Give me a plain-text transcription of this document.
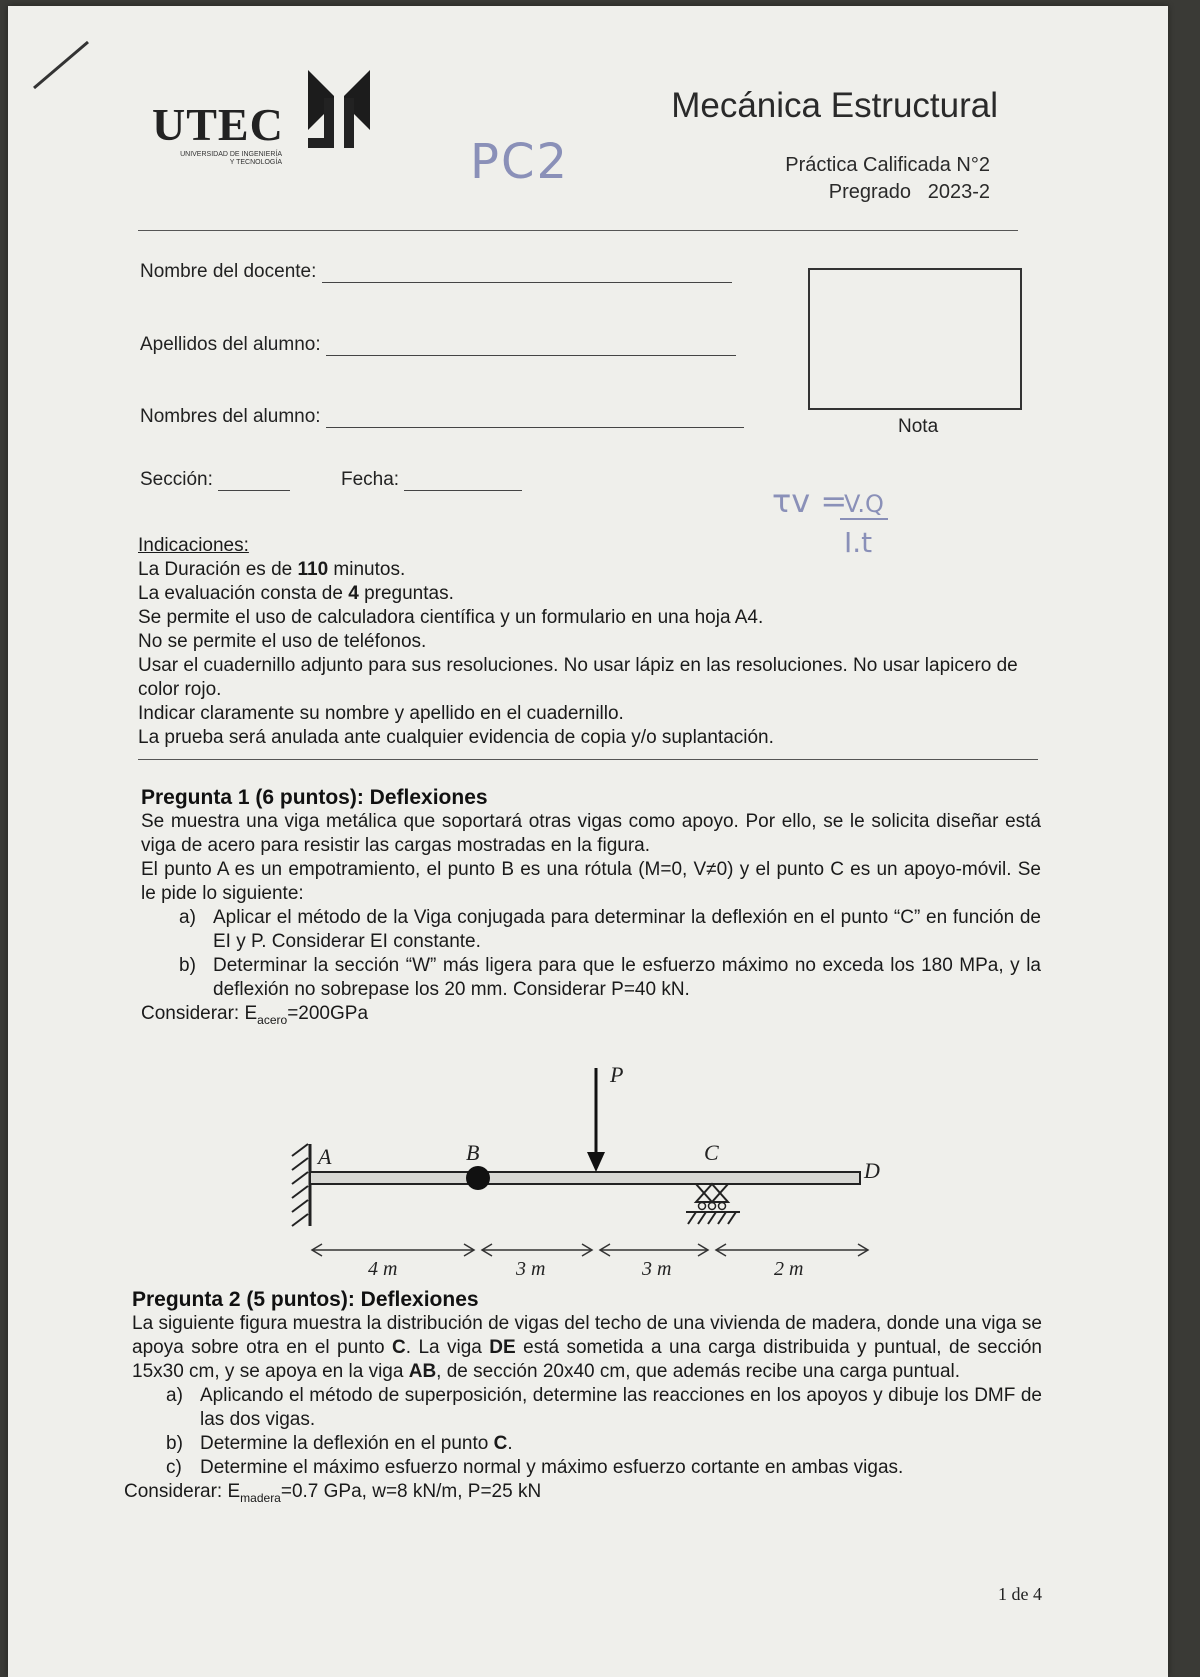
UTEC
UNIVERSIDAD DE INGENIERÍA
Y TECNOLOGÍA	PC2
Mecánica Estructural
Práctica Calificada N°2
Pregrado   2023-2
Nombre del docente:
Apellidos del alumno:
Nombres del alumno:
Sección:	Fecha:
Nota
τv =
V.Q
I.t
Indicaciones:
La Duración es de 110 minutos.
La evaluación consta de 4 preguntas.
Se permite el uso de calculadora científica y un formulario en una hoja A4.
No se permite el uso de teléfonos.
Usar el cuadernillo adjunto para sus resoluciones. No usar lápiz en las resoluciones. No usar lapicero de color rojo.
Indicar claramente su nombre y apellido en el cuadernillo.
La prueba será anulada ante cualquier evidencia de copia y/o suplantación.
Pregunta 1 (6 puntos): Deflexiones
Se muestra una viga metálica que soportará otras vigas como apoyo. Por ello, se le solicita diseñar está viga de acero para resistir las cargas mostradas en la figura.
El punto A es un empotramiento, el punto B es una rótula (M=0, V≠0) y el punto C es un apoyo-móvil. Se le pide lo siguiente:
a) Aplicar el método de la Viga conjugada para determinar la deflexión en el punto “C” en función de EI y P. Considerar EI constante.
b) Determinar la sección “W” más ligera para que le esfuerzo máximo no exceda los 180 MPa, y la deflexión no sobrepase los 20 mm. Considerar P=40 kN.
Considerar: $E_{acero}=200GPa$
P
A	B	C
D
4 m	3 m	3 m	2 m
Pregunta 2 (5 puntos): Deflexiones
La siguiente figura muestra la distribución de vigas del techo de una vivienda de madera, donde una viga se apoya sobre otra en el punto C. La viga DE está sometida a una carga distribuida y puntual, de sección 15x30 cm, y se apoya en la viga AB, de sección 20x40 cm, que además recibe una carga puntual.
a) Aplicando el método de superposición, determine las reacciones en los apoyos y dibuje los DMF de las dos vigas.
b) Determine la deflexión en el punto C.
c) Determine el máximo esfuerzo normal y máximo esfuerzo cortante en ambas vigas.
Considerar: $E_{madera}=0.7$ GPa, w=8 kN/m, P=25 kN
1 de 4
